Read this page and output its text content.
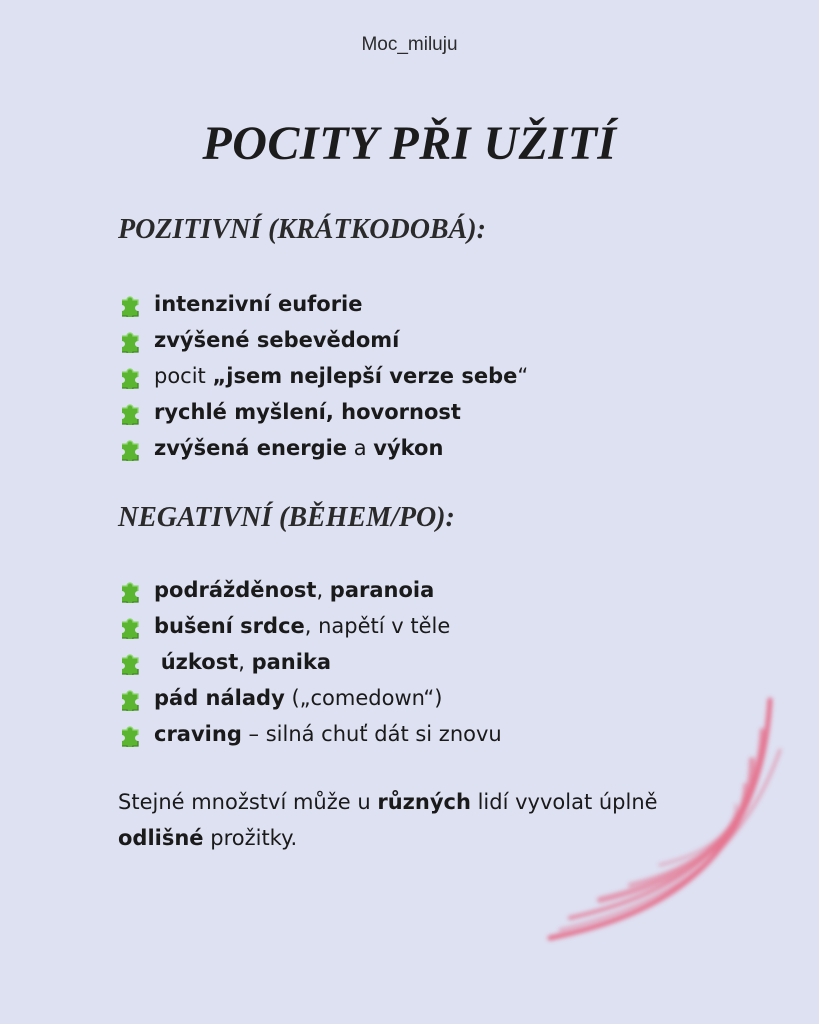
Moc_miluju
POCITY PŘI UŽITÍ
POZITIVNÍ (KRÁTKODOBÁ):
intenzivní euforie
zvýšené sebevědomí
pocit „jsem nejlepší verze sebe “
rychlé myšlení, hovornost
zvýšená energie a výkon
NEGATIVNÍ (BĚHEM/PO):
podrážděnost , paranoia
bušení srdce , napětí v těle

úzkost , panika
pád nálady („comedown“)
craving – silná chuť dát si znovu

Stejné množství může u různých lidí vyvolat úplně odlišné prožitky.
